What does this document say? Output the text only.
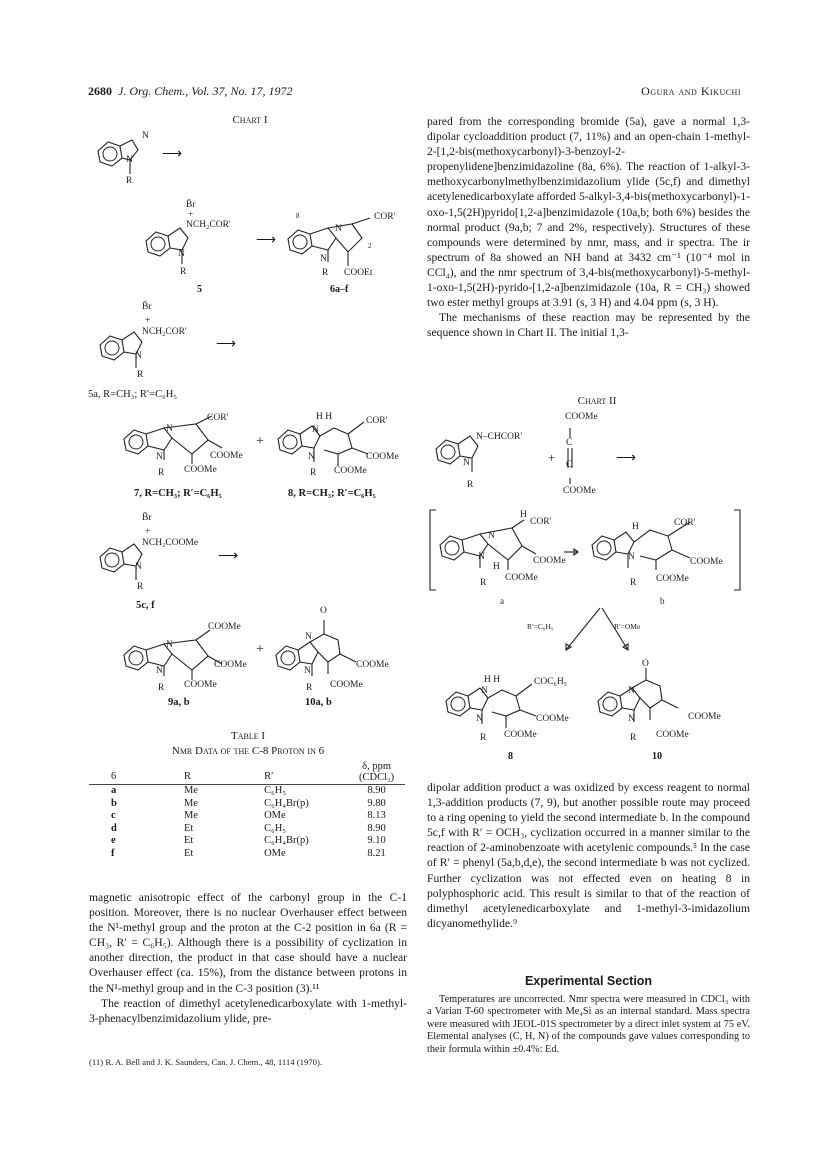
2680 J. Org. Chem., Vol. 37, No. 17, 1972	Ogura and Kikuchi
Chart I
N
N
R
⟶
B̄r
+
NCH₂COR′
N
R
5
⟶
8
N
COR′
2
N
R COOEt
6a–f
B̄r
+
NCH₂COR′
N
R
⟶
5a, R=CH₃; R′=C₆H₅
COR′
N
COOMe
N
R COOMe
7, R=CH₃; R′=C₆H₅
+
H H
N
COR′
COOMe
N
R COOMe
8, R=CH₃; R′=C₆H₅
B̄r
+
NCH₂COOMe
N
R
⟶
5c, f
COOMe
N
COOMe
N
R COOMe
9a, b
+
O
N
COOMe
N
R COOMe
10a, b
Table I
Nmr Data of the C-8 Proton in 6
6	R	R′	δ, ppm (CDCl₃)
a	Me	C₆H₅	8.90
b	Me	C₆H₄Br(p)	9.80
c	Me	OMe	8.13
d	Et	C₆H₅	8.90
e	Et	C₆H₄Br(p)	9.10
f	Et	OMe	8.21

magnetic anisotropic effect of the carbonyl group in the C-1 position. Moreover, there is no nuclear Overhauser effect between the N¹-methyl group and the proton at the C-2 position in 6a (R = CH₃, R′ = C₆H₅). Although there is a possibility of cyclization in another direction, the product in that case should have a nuclear Overhauser effect (ca. 15%), from the distance between protons in the N¹-methyl group and in the C-3 position (3).¹¹

The reaction of dimethyl acetylenedicarboxylate with 1-methyl-3-phenacylbenzimidazolium ylide, pre-

(11) R. A. Bell and J. K. Saunders, Can. J. Chem., 48, 1114 (1970).

pared from the corresponding bromide (5a), gave a normal 1,3-dipolar cycloaddition product (7, 11%) and an open-chain 1-methyl-2-[1,2-bis(methoxycarbonyl)-3-benzoyl-2-propenylidene]benzimidazoline (8a, 6%). The reaction of 1-alkyl-3-methoxycarbonylmethylbenzimidazolium ylide (5c,f) and dimethyl acetylenedicarboxylate afforded 5-alkyl-3,4-bis(methoxycarbonyl)-1-oxo-1,5(2H)pyrido[1,2-a]benzimidazole (10a,b; both 6%) besides the normal product (9a,b; 7 and 2%, respectively). Structures of these compounds were determined by nmr, mass, and ir spectra. The ir spectrum of 8a showed an NH band at 3432 cm⁻¹ (10⁻⁴ mol in CCl₄), and the nmr spectrum of 3,4-bis(methoxycarbonyl)-5-methyl-1-oxo-1,5(2H)-pyrido-[1,2-a]benzimidazole (10a, R = CH₃) showed two ester methyl groups at 3.91 (s, 3 H) and 4.04 ppm (s, 3 H).

The mechanisms of these reaction may be represented by the sequence shown in Chart II. The initial 1,3-

Chart II
COOMe
N–CHCOR′
C
+ C	⟶
N
R
COOMe
H
COR′
N
COOMe
N
H
R COOMe
a
H	COR′
COOMe
N
R COOMe
b
R′=C₆H₅	R′=OMe
H H
N
COC₆H₅
COOMe
N
R COOMe
8
O
N
COOMe
N
R COOMe
10

dipolar addition product a was oxidized by excess reagent to normal 1,3-addition products (7, 9), but another possible route may proceed to a ring opening to yield the second intermediate b. In the compound 5c,f with R′ = OCH₃, cyclization occurred in a manner similar to the reaction of 2-aminobenzoate with acetylenic compounds.⁵ In the case of R′ = phenyl (5a,b,d,e), the second intermediate b was not cyclized. Further cyclization was not effected even on heating 8 in polyphosphoric acid. This result is similar to that of the reaction of dimethyl acetylenedicarboxylate and 1-methyl-3-imidazolium dicyanomethylide.⁹

Experimental Section

Temperatures are uncorrected. Nmr spectra were measured in CDCl₃ with a Varian T-60 spectrometer with Me₄Si as an internal standard. Mass spectra were measured with JEOL-01S spectrometer by a direct inlet system at 75 eV. Elemental analyses (C, H, N) of the compounds gave values corresponding to their formula within ±0.4%: Ed.
